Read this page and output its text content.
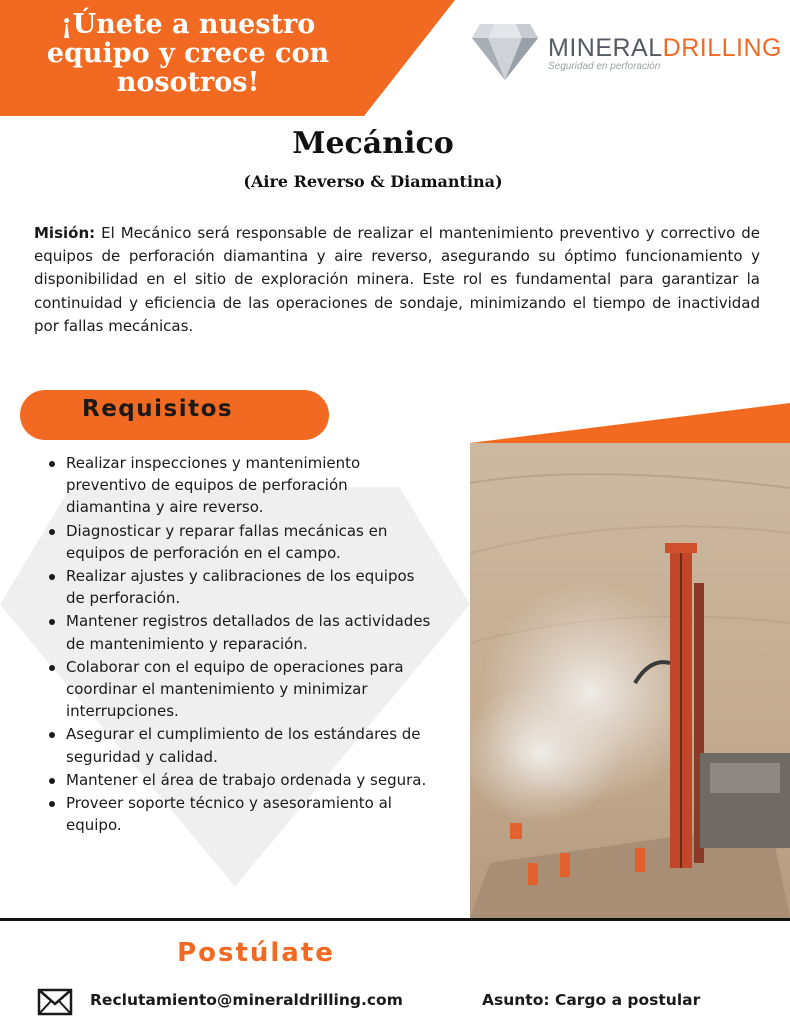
¡Únete a nuestro equipo y crece con nosotros!
MINERALDRILLING
Seguridad en perforación
Mecánico
(Aire Reverso & Diamantina)

Misión: El Mecánico será responsable de realizar el mantenimiento preventivo y correctivo de equipos de perforación diamantina y aire reverso, asegurando su óptimo funcionamiento y disponibilidad en el sitio de exploración minera. Este rol es fundamental para garantizar la continuidad y eficiencia de las operaciones de sondaje, minimizando el tiempo de inactividad por fallas mecánicas.

Requisitos
Realizar inspecciones y mantenimiento preventivo de equipos de perforación diamantina y aire reverso.
Diagnosticar y reparar fallas mecánicas en equipos de perforación en el campo.
Realizar ajustes y calibraciones de los equipos de perforación.
Mantener registros detallados de las actividades de mantenimiento y reparación.
Colaborar con el equipo de operaciones para coordinar el mantenimiento y minimizar interrupciones.
Asegurar el cumplimiento de los estándares de seguridad y calidad.
Mantener el área de trabajo ordenada y segura.
Proveer soporte técnico y asesoramiento al equipo.
Postúlate
Reclutamiento@mineraldrilling.com	Asunto: Cargo a postular
